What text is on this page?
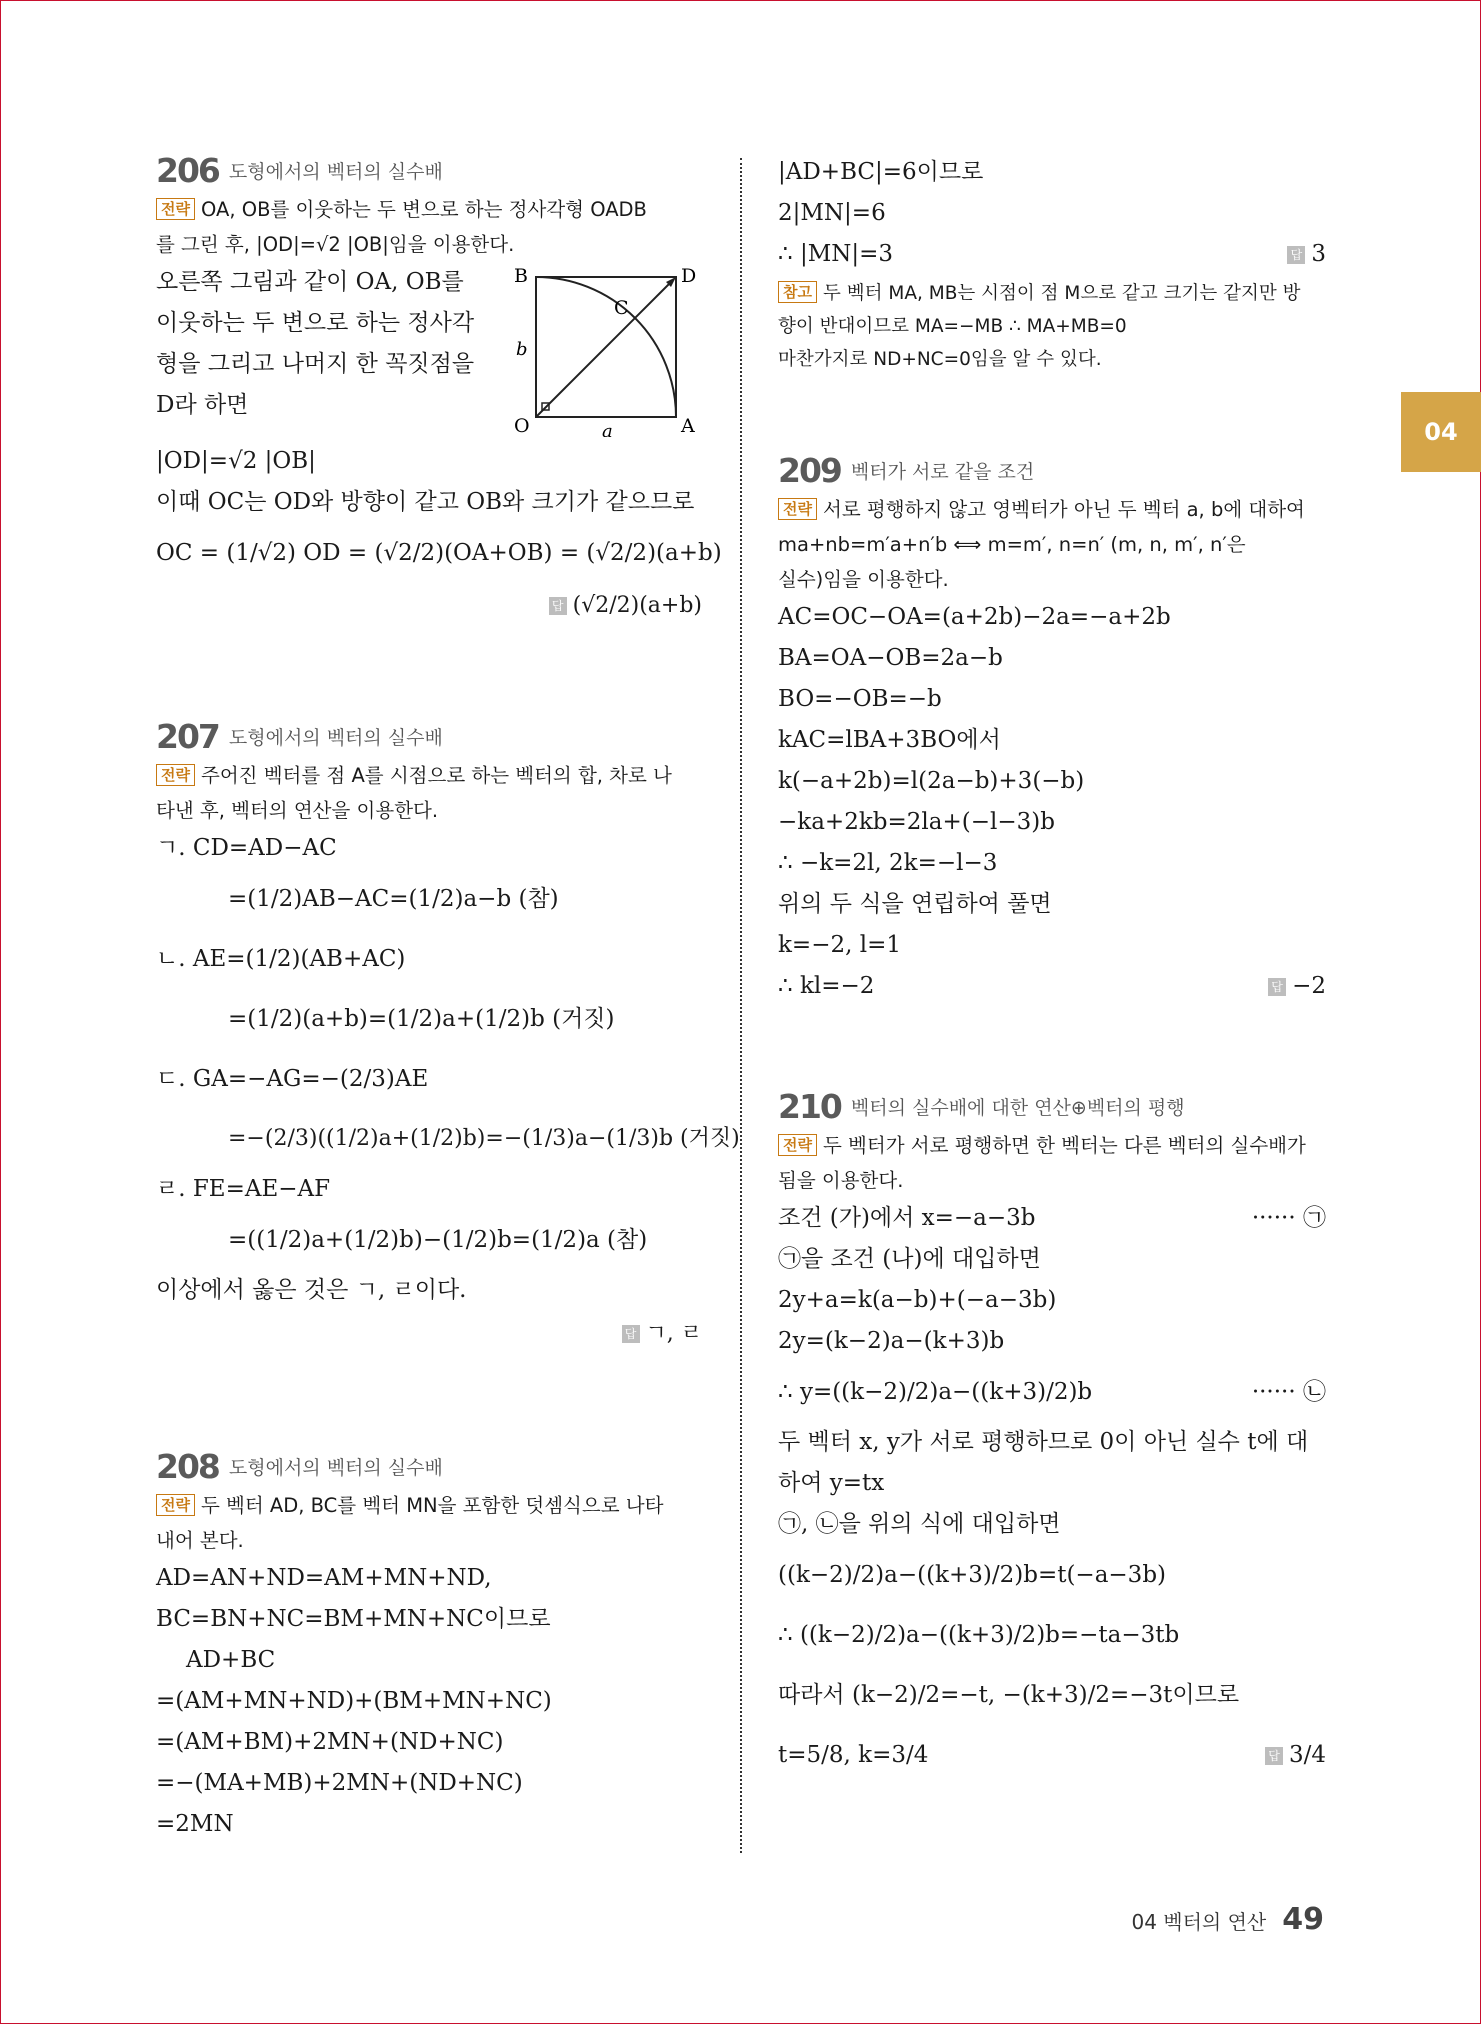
04
206 도형에서의 벡터의 실수배
전략 OA, OB를 이웃하는 두 변으로 하는 정사각형 OADB
를 그린 후, |OD|=√2 |OB|임을 이용한다.
오른쪽 그림과 같이 OA, OB를
이웃하는 두 변으로 하는 정사각
형을 그리고 나머지 한 꼭짓점을
D라 하면
B	D
C
O	A
a
b
|OD|=√2 |OB|
이때 OC는 OD와 방향이 같고 OB와 크기가 같으므로
OC = (1/√2) OD = (√2/2)(OA+OB) = (√2/2)(a+b)
답 (√2/2)(a+b)
207 도형에서의 벡터의 실수배
전략 주어진 벡터를 점 A를 시점으로 하는 벡터의 합, 차로 나
타낸 후, 벡터의 연산을 이용한다.
ㄱ. CD=AD−AC
=(1/2)AB−AC=(1/2)a−b (참)
ㄴ. AE=(1/2)(AB+AC)
=(1/2)(a+b)=(1/2)a+(1/2)b (거짓)
ㄷ. GA=−AG=−(2/3)AE
=−(2/3)((1/2)a+(1/2)b)=−(1/3)a−(1/3)b (거짓)
ㄹ. FE=AE−AF
=((1/2)a+(1/2)b)−(1/2)b=(1/2)a (참)
이상에서 옳은 것은 ㄱ, ㄹ이다.
답 ㄱ, ㄹ
208 도형에서의 벡터의 실수배
전략 두 벡터 AD, BC를 벡터 MN을 포함한 덧셈식으로 나타
내어 본다.
AD=AN+ND=AM+MN+ND,
BC=BN+NC=BM+MN+NC이므로
AD+BC
=(AM+MN+ND)+(BM+MN+NC)
=(AM+BM)+2MN+(ND+NC)
=−(MA+MB)+2MN+(ND+NC)
=2MN
|AD+BC|=6이므로
2|MN|=6
∴ |MN|=3	답 3
참고 두 벡터 MA, MB는 시점이 점 M으로 같고 크기는 같지만 방
향이 반대이므로 MA=−MB ∴ MA+MB=0
마찬가지로 ND+NC=0임을 알 수 있다.
209 벡터가 서로 같을 조건
전략 서로 평행하지 않고 영벡터가 아닌 두 벡터 a, b에 대하여
ma+nb=m′a+n′b ⟺ m=m′, n=n′ (m, n, m′, n′은
실수)임을 이용한다.
AC=OC−OA=(a+2b)−2a=−a+2b
BA=OA−OB=2a−b
BO=−OB=−b
kAC=lBA+3BO에서
k(−a+2b)=l(2a−b)+3(−b)
−ka+2kb=2la+(−l−3)b
∴ −k=2l, 2k=−l−3
위의 두 식을 연립하여 풀면
k=−2, l=1
∴ kl=−2	답 −2
210 벡터의 실수배에 대한 연산⊕벡터의 평행
전략 두 벡터가 서로 평행하면 한 벡터는 다른 벡터의 실수배가
됨을 이용한다.
조건 (가)에서 x=−a−3b	······ ㉠
㉠을 조건 (나)에 대입하면
2y+a=k(a−b)+(−a−3b)
2y=(k−2)a−(k+3)b
∴ y=((k−2)/2)a−((k+3)/2)b	······ ㉡
두 벡터 x, y가 서로 평행하므로 0이 아닌 실수 t에 대
하여 y=tx
㉠, ㉡을 위의 식에 대입하면
((k−2)/2)a−((k+3)/2)b=t(−a−3b)
∴ ((k−2)/2)a−((k+3)/2)b=−ta−3tb
따라서 (k−2)/2=−t, −(k+3)/2=−3t이므로
t=5/8, k=3/4	답 3/4
04 벡터의 연산 49
